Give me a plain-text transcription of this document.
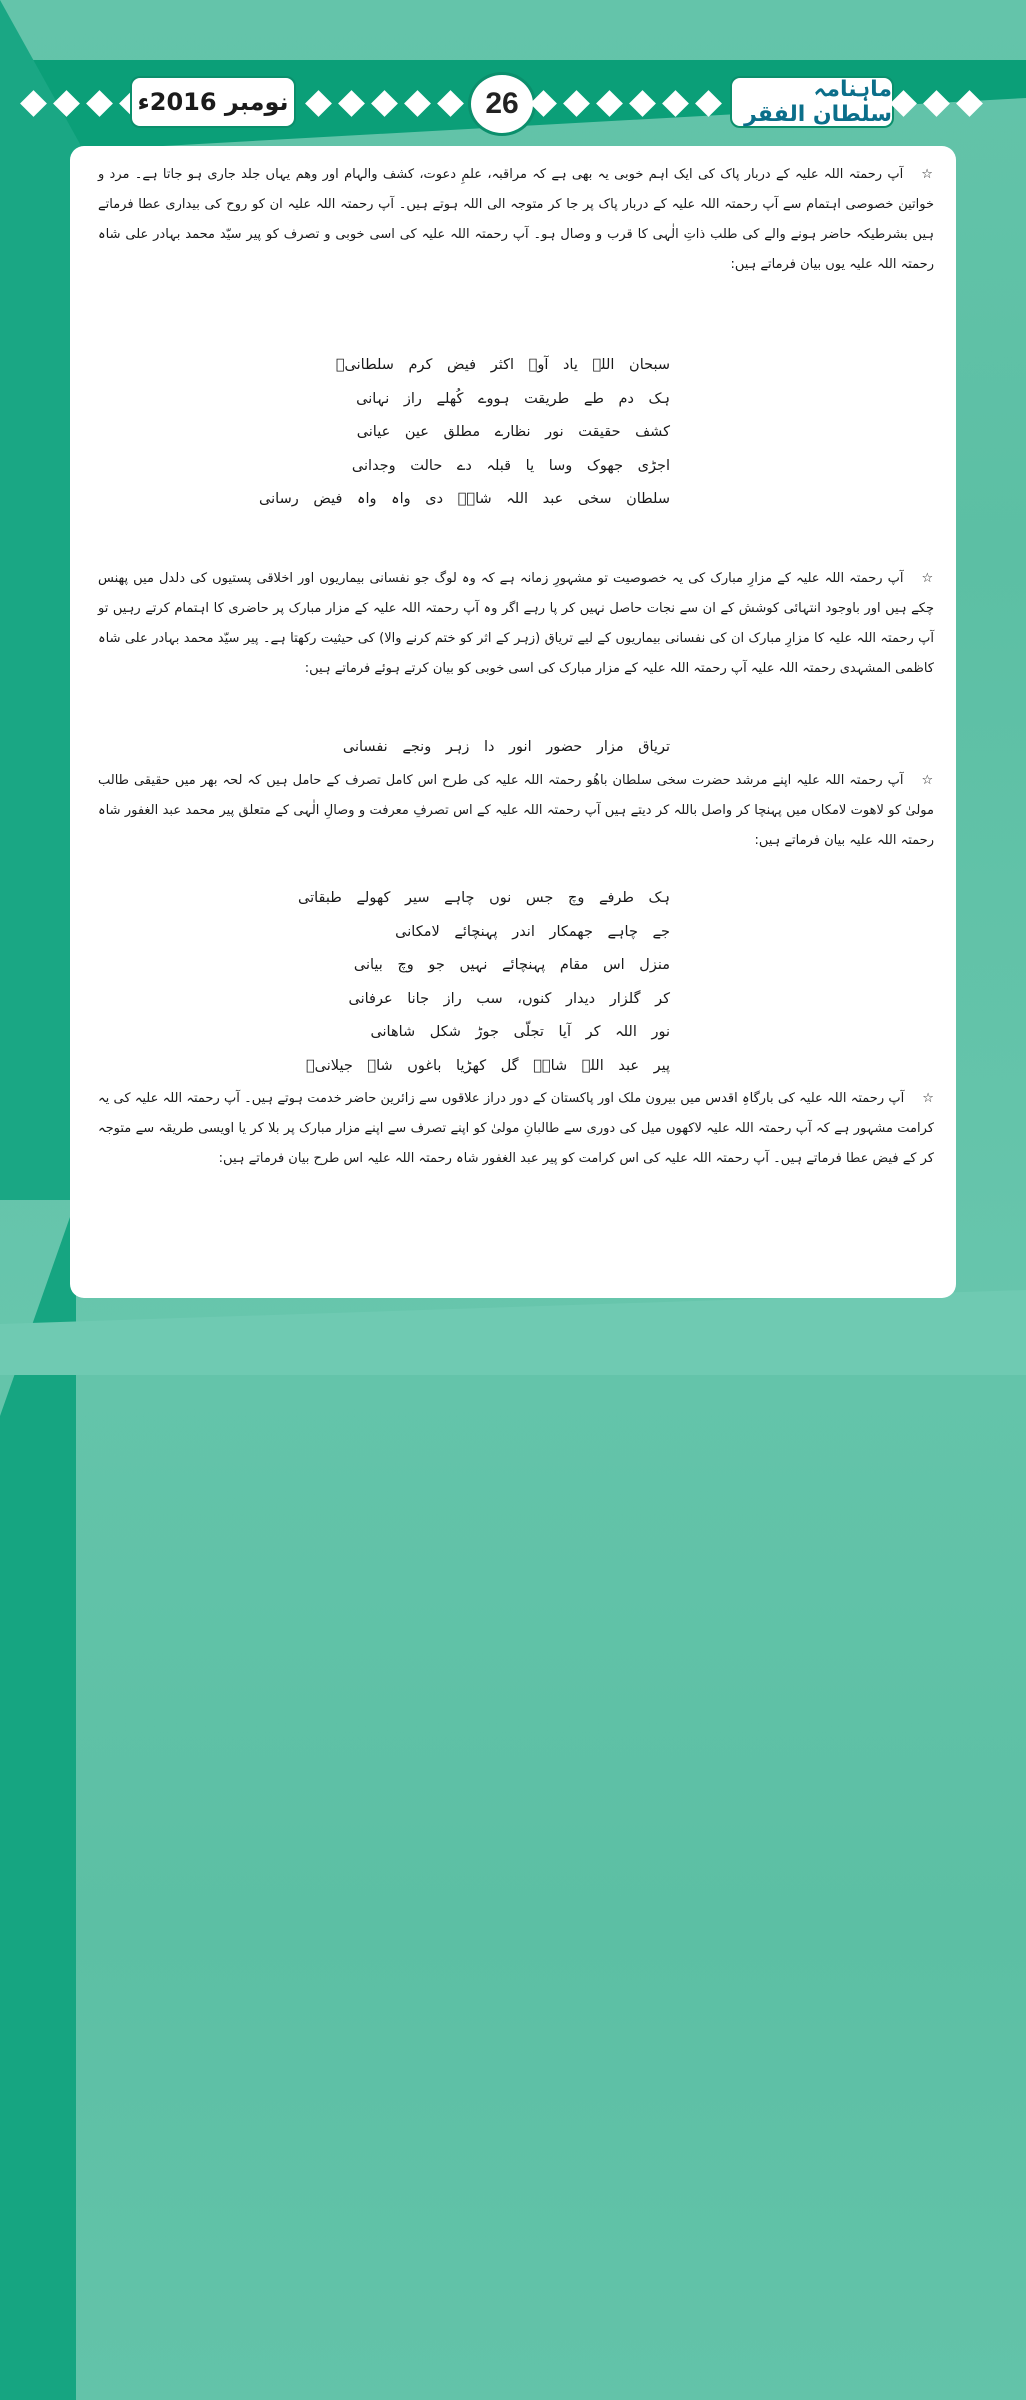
نومبر 2016ء	26	ماہنامہ سلطان الفقر
☆آپ رحمتہ اللہ علیہ کے دربار پاک کی ایک اہم خوبی یہ بھی ہے کہ مراقبہ، علمِ دعوت، کشف والہام اور وھم یہاں جلد جاری ہو جاتا ہے۔ مرد و خواتین خصوصی اہتمام سے آپ رحمتہ اللہ علیہ کے دربار پاک پر جا کر متوجہ الی اللہ ہوتے ہیں۔ آپ رحمتہ اللہ علیہ ان کو روح کی بیداری عطا فرماتے ہیں بشرطیکہ حاضر ہونے والے کی طلب ذاتِ الٰہی کا قرب و وصال ہو۔ آپ رحمتہ اللہ علیہ کی اسی خوبی و تصرف کو پیر سیّد محمد بہادر علی شاہ رحمتہ اللہ علیہ یوں بیان فرماتے ہیں:
سبحان اللہ یاد آوے اکثر فیض کرم سلطانیؒ
ہک دم طے طریقت ہووے کُھلے راز نہانی
کشف حقیقت نور نظارے مطلق عین عیانی
اجڑی جھوک وسا یا قبلہ دے حالت وجدانی
سلطان سخی عبد اللہ شاہؒ دی واہ واہ فیض رسانی
☆آپ رحمتہ اللہ علیہ کے مزارِ مبارک کی یہ خصوصیت تو مشہورِ زمانہ ہے کہ وہ لوگ جو نفسانی بیماریوں اور اخلاقی پستیوں کی دلدل میں پھنس چکے ہیں اور باوجود انتہائی کوشش کے ان سے نجات حاصل نہیں کر پا رہے اگر وہ آپ رحمتہ اللہ علیہ کے مزار مبارک پر حاضری کا اہتمام کرتے رہیں تو آپ رحمتہ اللہ علیہ کا مزارِ مبارک ان کی نفسانی بیماریوں کے لیے تریاق (زہر کے اثر کو ختم کرنے والا) کی حیثیت رکھتا ہے۔ پیر سیّد محمد بہادر علی شاہ کاظمی المشہدی رحمتہ اللہ علیہ آپ رحمتہ اللہ علیہ کے مزار مبارک کی اسی خوبی کو بیان کرتے ہوئے فرماتے ہیں:
تریاق مزار حضور انور دا زہر ونجے نفسانی
☆آپ رحمتہ اللہ علیہ اپنے مرشد حضرت سخی سلطان باھُو رحمتہ اللہ علیہ کی طرح اس کامل تصرف کے حامل ہیں کہ لحہ بھر میں حقیقی طالب مولیٰ کو لاھوت لامکاں میں پہنچا کر واصل باللہ کر دیتے ہیں آپ رحمتہ اللہ علیہ کے اس تصرفِ معرفت و وصالِ الٰہی کے متعلق پیر محمد عبد الغفور شاہ رحمتہ اللہ علیہ بیان فرماتے ہیں:
ہک طرفے وچ جس نوں چاہے سیر کھولے طبقاتی
جے چاہے جھمکار اندر پہنچائے لامکانی
منزل اس مقام پہنچائے نہیں جو وچ بیانی
کر گلزار دیدار کنوں، سب راز جانا عرفانی
نور اللہ کر آیا تجلّی جوڑ شکل شاھانی
پیر عبد اللہ شاہؒ گل کھڑیا باغوں شاہ جیلانیؒ
☆آپ رحمتہ اللہ علیہ کی بارگاہِ اقدس میں بیرون ملک اور پاکستان کے دور دراز علاقوں سے زائرین حاضر خدمت ہوتے ہیں۔ آپ رحمتہ اللہ علیہ کی یہ کرامت مشہور ہے کہ آپ رحمتہ اللہ علیہ لاکھوں میل کی دوری سے طالبانِ مولیٰ کو اپنے تصرف سے اپنے مزار مبارک پر بلا کر یا اویسی طریقہ سے متوجہ کر کے فیض عطا فرماتے ہیں۔ آپ رحمتہ اللہ علیہ کی اس کرامت کو پیر عبد الغفور شاہ رحمتہ اللہ علیہ اس طرح بیان فرماتے ہیں:
